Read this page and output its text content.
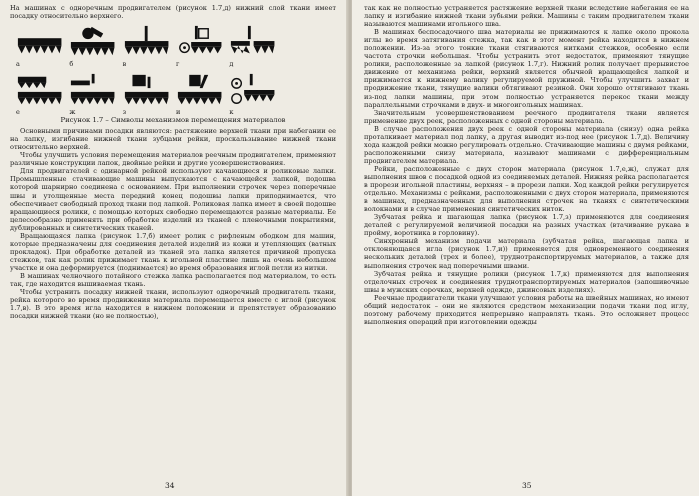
На машинах с одноречным продвигателем (рисунок 1.7,д) нижний слой ткани имеет посадку относительно верхнего.

а	б	в	г	д
е	ж	з	и	к

Рисунок 1.7 – Символы механизмов перемещения материалов

Основными причинами посадки являются: растяжение верхней ткани при набегании ее на лапку, изгибание нижней ткани зубцами рейки, проскальзывание нижней ткани относительно верхней.

Чтобы улучшить условия перемещения материалов реечным продвигателем, применяют различные конструкции лапок, двойные рейки и другие усовершенствования.

Для продвигателей с одинарной рейкой используют качающиеся и роликовые лапки. Промышленные стачивающие машины выпускаются с качающейся лапкой, подошва которой шарнирно соединена с основанием. При выполнении строчек через поперечные швы и утолщенные места передний конец подошвы лапки приподнимается, что обеспечивает свободный проход ткани под лапкой. Роликовая лапка имеет в своей подошве вращающиеся ролики, с помощью которых свободно перемещаются разные материалы. Ее целесообразно применять при обработке изделий из тканей с пленочными покрытиями, дублированных и синтетических тканей.

Вращающаяся лапка (рисунок 1.7,б) имеет ролик с рифленым ободком для машин, которые предназначены для соединения деталей изделий из кожи и утепляющих (ватных прокладок). При обработке деталей из тканей эта лапка является причиной пропуска стежков, так как ролик прижимает ткань к игольной пластине лишь на очень небольшом участке и она деформируется (поднимается) во время образования иглой петли из нитки.

В машинах челночного потайного стежка лапка располагается под материалом, то есть так, где находится вышиваемая ткань.

Чтобы устранить посадку нижней ткани, используют одноречный продвигатель ткани, рейка которого во время продвижения материала перемещается вместе с иглой (рисунок 1.7,в). В это время игла находится в нижнем положении и препятствует образованию посадки нижней ткани (но не полностью),

34

так как не полностью устраняется растяжение верхней ткани вследствие набегания ее на лапку и изгибание нижней ткани зубьями рейки. Машины с таким продвигателем ткани называются машинами игольного шва.

В машинах беспосадочного шва материалы не прижимаются к лапке около прокола иглы во время затягивания стежка, так как в этот момент рейка находится в нижнем положении. Из-за этого тонкие ткани стягиваются нитками стежков, особенно если частота строчки небольшая. Чтобы устранить этот недостаток, применяют тянущие ролики, расположенные за лапкой (рисунок 1.7,г). Нижний ролик получает прерывистое движение от механизма рейки, верхний является обычной вращающейся лапкой и прижимается к нижнему валику регулируемой пружиной. Чтобы улучшить захват и продвижение ткани, тянущие валики обтягивают резиной. Они хорошо оттягивают ткань из-под лапки машины, при этом полностью устраняется перекос ткани между параллельными строчками в двух- и многоигольных машинах.

Значительным усовершенствованием реечного продвигателя ткани является применение двух реек, расположенных с одной стороны материала.

В случае расположения двух реек с одной стороны материала (снизу) одна рейка проталкивает материал под лапку, а другая выводит из-под нее (рисунок 1.7,д). Величину хода каждой рейки можно регулировать отдельно. Стачивающие машины с двумя рейками, расположенными снизу материала, называют машинами с дифференциальным продвигателем материала.

Рейки, расположенные с двух сторон материала (рисунок 1.7,е,ж), служат для выполнения швов с посадкой одной из соединяемых деталей. Нижняя рейка располагается в прорези игольной пластины, верхняя – в прорези лапки. Ход каждой рейки регулируется отдельно. Механизмы с рейками, расположенными с двух сторон материала, применяются в машинах, предназначенных для выполнения строчек на тканях с синтетическими волокнами и в случае применения синтетических ниток.

Зубчатая рейка и шагающая лапка (рисунок 1.7,з) применяются для соединения деталей с регулируемой величиной посадки на разных участках (втачивание рукава в пройму, воротника в горловину).

Синхронный механизм подачи материала (зубчатая рейка, шагающая лапка и отклоняющаяся игла (рисунок 1.7,и)) применяется для одновременного соединения нескольких деталей (трех и более), труднотранспортируемых материалов, а также для выполнения строчек над поперечными швами.

Зубчатая рейка и тянущие ролики (рисунок 1.7,к) применяются для выполнения отделочных строчек и соединения труднотранспортируемых материалов (запошивочные швы в мужских сорочках, верхней одежде, джинсовых изделиях).

Реечные продвигатели ткани улучшают условия работы на швейных машинах, но имеют общий недостаток – они не являются средством механизации подачи ткани под иглу, поэтому рабочему приходится непрерывно направлять ткань. Это осложняет процесс выполнения операций при изготовлении одежды

35
